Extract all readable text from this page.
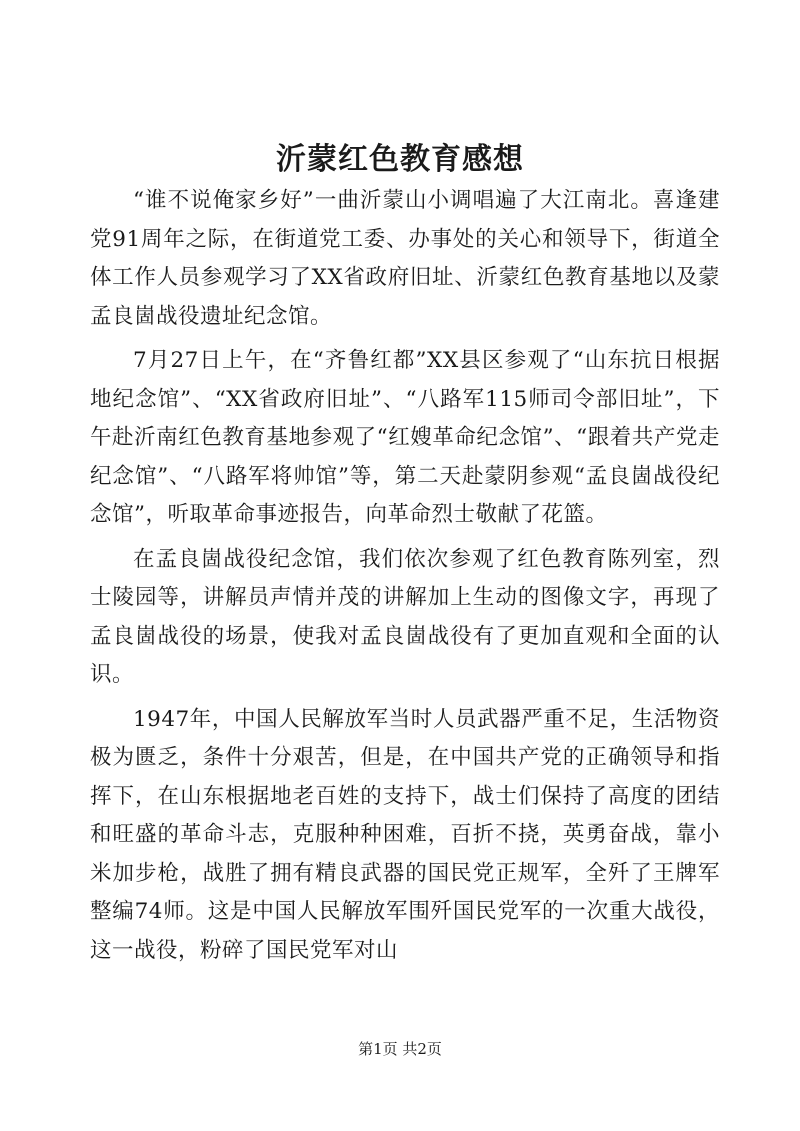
沂蒙红色教育感想

“谁不说俺家乡好”一曲沂蒙山小调唱遍了大江南北。喜逢建党91周年之际，在街道党工委、办事处的关心和领导下，街道全体工作人员参观学习了XX省政府旧址、沂蒙红色教育基地以及蒙孟良崮战役遗址纪念馆。

7月27日上午，在“齐鲁红都”XX县区参观了“山东抗日根据地纪念馆”、“XX省政府旧址”、“八路军115师司令部旧址”，下午赴沂南红色教育基地参观了“红嫂革命纪念馆”、“跟着共产党走纪念馆”、“八路军将帅馆”等，第二天赴蒙阴参观“孟良崮战役纪念馆”，听取革命事迹报告，向革命烈士敬献了花篮。

在孟良崮战役纪念馆，我们依次参观了红色教育陈列室，烈士陵园等，讲解员声情并茂的讲解加上生动的图像文字，再现了孟良崮战役的场景，使我对孟良崮战役有了更加直观和全面的认识。

1947年，中国人民解放军当时人员武器严重不足，生活物资极为匮乏，条件十分艰苦，但是，在中国共产党的正确领导和指挥下，在山东根据地老百姓的支持下，战士们保持了高度的团结和旺盛的革命斗志，克服种种困难，百折不挠，英勇奋战，靠小米加步枪，战胜了拥有精良武器的国民党正规军，全歼了王牌军整编74师。这是中国人民解放军围歼国民党军的一次重大战役，这一战役，粉碎了国民党军对山

第1页 共2页
